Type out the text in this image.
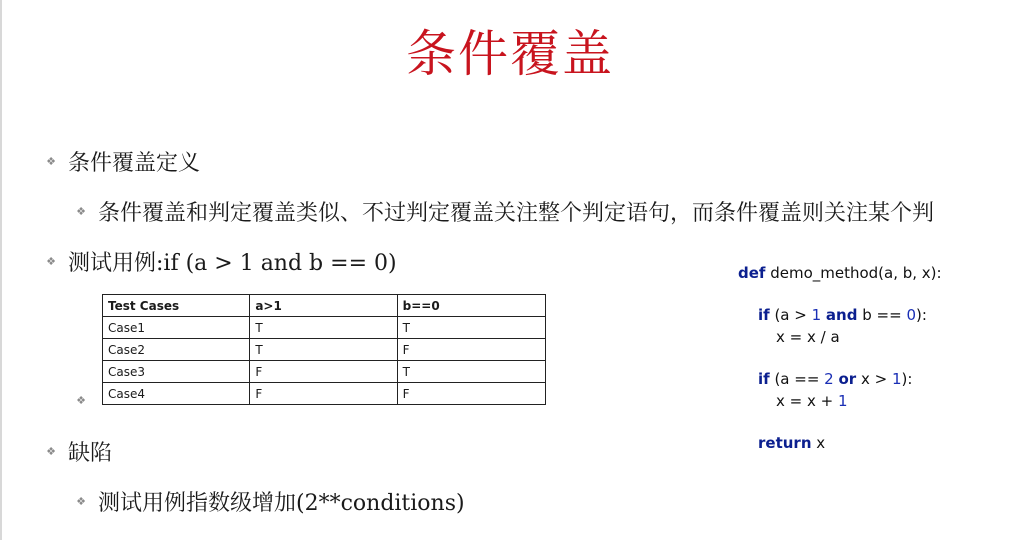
条件覆盖
❖ 条件覆盖定义
❖ 条件覆盖和判定覆盖类似、不过判定覆盖关注整个判定语句，而条件覆盖则关注某个判
❖ 测试用例:if (a > 1 and b == 0)
❖
Test Cases	a>1	b==0
Case1	T	T
Case2	T	F
Case3	F	T
Case4	F	F
❖ 缺陷
❖ 测试用例指数级增加(2**conditions)
def demo_method(a, b, x):
if (a > 1 and b == 0):
x = x / a
if (a == 2 or x > 1):
x = x + 1
return x
